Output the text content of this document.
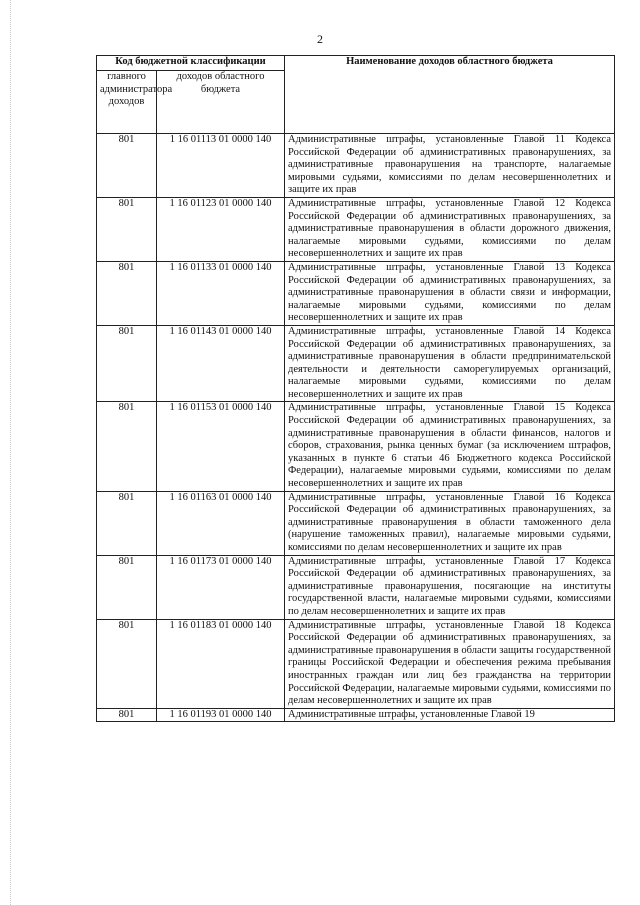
2
Код бюджетной классификации		Наименование доходов областного бюджета
главного администратора доходов	доходов областного бюджета	
801	1 16 01113 01 0000 140	Административные штрафы, установленные Главой 11 Кодекса Российской Федерации об административных правонарушениях, за административные правонарушения на транспорте, налагаемые мировыми судьями, комиссиями по делам несовершеннолетних и защите их прав
801	1 16 01123 01 0000 140	Административные штрафы, установленные Главой 12 Кодекса Российской Федерации об административных правонарушениях, за административные правонарушения в области дорожного движения, налагаемые мировыми судьями, комиссиями по делам несовершеннолетних и защите их прав
801	1 16 01133 01 0000 140	Административные штрафы, установленные Главой 13 Кодекса Российской Федерации об административных правонарушениях, за административные правонарушения в области связи и информации, налагаемые мировыми судьями, комиссиями по делам несовершеннолетних и защите их прав
801	1 16 01143 01 0000 140	Административные штрафы, установленные Главой 14 Кодекса Российской Федерации об административных правонарушениях, за административные правонарушения в области предпринимательской деятельности и деятельности саморегулируемых организаций, налагаемые мировыми судьями, комиссиями по делам несовершеннолетних и защите их прав
801	1 16 01153 01 0000 140	Административные штрафы, установленные Главой 15 Кодекса Российской Федерации об административных правонарушениях, за административные правонарушения в области финансов, налогов и сборов, страхования, рынка ценных бумаг (за исключением штрафов, указанных в пункте 6 статьи 46 Бюджетного кодекса Российской Федерации), налагаемые мировыми судьями, комиссиями по делам несовершеннолетних и защите их прав
801	1 16 01163 01 0000 140	Административные штрафы, установленные Главой 16 Кодекса Российской Федерации об административных правонарушениях, за административные правонарушения в области таможенного дела (нарушение таможенных правил), налагаемые мировыми судьями, комиссиями по делам несовершеннолетних и защите их прав
801	1 16 01173 01 0000 140	Административные штрафы, установленные Главой 17 Кодекса Российской Федерации об административных правонарушениях, за административные правонарушения, посягающие на институты государственной власти, налагаемые мировыми судьями, комиссиями по делам несовершеннолетних и защите их прав
801	1 16 01183 01 0000 140	Административные штрафы, установленные Главой 18 Кодекса Российской Федерации об административных правонарушениях, за административные правонарушения в области защиты государственной границы Российской Федерации и обеспечения режима пребывания иностранных граждан или лиц без гражданства на территории Российской Федерации, налагаемые мировыми судьями, комиссиями по делам несовершеннолетних и защите их прав
801	1 16 01193 01 0000 140	Административные штрафы, установленные Главой 19
